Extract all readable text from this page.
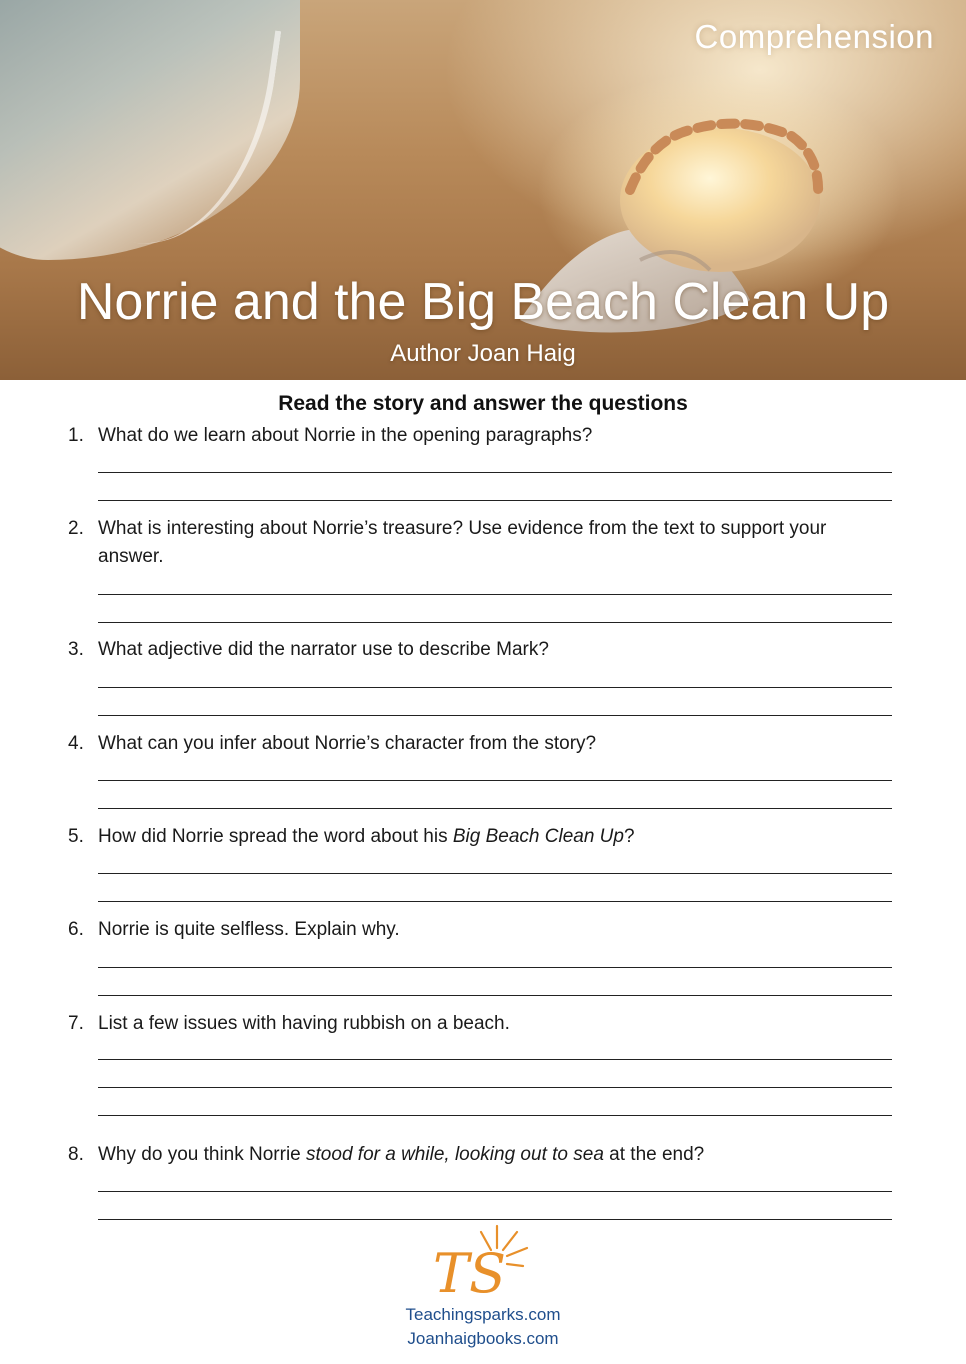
Comprehension
Norrie and the Big Beach Clean Up
Author Joan Haig
Read the story and answer the questions
1. What do we learn about Norrie in the opening paragraphs?
2. What is interesting about Norrie’s treasure? Use evidence from the text to support your answer.
3. What adjective did the narrator use to describe Mark?
4. What can you infer about Norrie’s character from the story?
5. How did Norrie spread the word about his Big Beach Clean Up?
6. Norrie is quite selfless. Explain why.
7. List a few issues with having rubbish on a beach.
8. Why do you think Norrie stood for a while, looking out to sea at the end?
TS
Teachingsparks.com
Joanhaigbooks.com
